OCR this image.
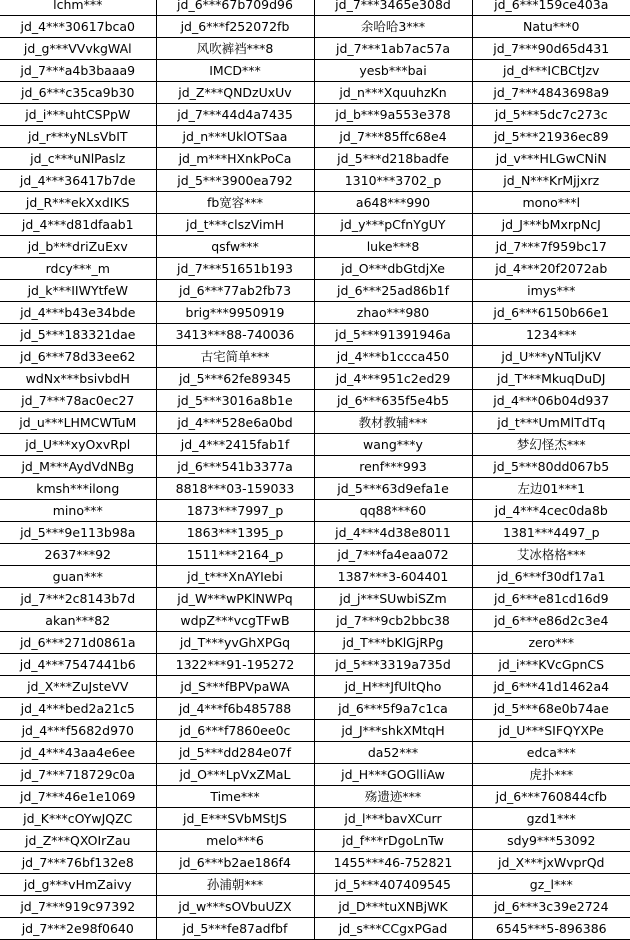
lchm***	jd_6***67b709d96	jd_7***3465e308d	jd_6***159ce403a
jd_4***30617bca0	jd_6***f252072fb	余哈哈3***	Natu***0
jd_g***VVvkgWAl	风吹裤裆***8	jd_7***1ab7ac57a	jd_7***90d65d431
jd_7***a4b3baaa9	IMCD***	yesb***bai	jd_d***ICBCtJzv
jd_6***c35ca9b30	jd_Z***QNDzUxUv	jd_n***XquuhzKn	jd_7***4843698a9
jd_i***uhtCSPpW	jd_7***44d4a7435	jd_b***9a553e378	jd_5***5dc7c273c
jd_r***yNLsVbIT	jd_n***UklOTSaa	jd_7***85ffc68e4	jd_5***21936ec89
jd_c***uNlPaslz	jd_m***HXnkPoCa	jd_5***d218badfe	jd_v***HLGwCNiN
jd_4***36417b7de	jd_5***3900ea792	1310***3702_p	jd_N***KrMjjxrz
jd_R***ekXxdIKS	fb宽容***	a648***990	mono***l
jd_4***d81dfaab1	jd_t***clszVimH	jd_y***pCfnYgUY	jd_J***bMxrpNcJ
jd_b***driZuExv	qsfw***	luke***8	jd_7***7f959bc17
rdcy***_m	jd_7***51651b193	jd_O***dbGtdjXe	jd_4***20f2072ab
jd_k***IIWYtfeW	jd_6***77ab2fb73	jd_6***25ad86b1f	imys***
jd_4***b43e34bde	brig***9950919	zhao***980	jd_6***6150b66e1
jd_5***183321dae	3413***88-740036	jd_5***91391946a	1234***
jd_6***78d33ee62	古宅简单***	jd_4***b1ccca450	jd_U***yNTuljKV
wdNx***bsivbdH	jd_5***62fe89345	jd_4***951c2ed29	jd_T***MkuqDuDJ
jd_7***78ac0ec27	jd_5***3016a8b1e	jd_6***635f5e4b5	jd_4***06b04d937
jd_u***LHMCWTuM	jd_4***528e6a0bd	教材教辅***	jd_t***UmMlTdTq
jd_U***xyOxvRpl	jd_4***2415fab1f	wang***y	梦幻怪杰***
jd_M***AydVdNBg	jd_6***541b3377a	renf***993	jd_5***80dd067b5
kmsh***ilong	8818***03-159033	jd_5***63d9efa1e	左边01***1
mino***	1873***7997_p	qq88***60	jd_4***4cec0da8b
jd_5***9e113b98a	1863***1395_p	jd_4***4d38e8011	1381***4497_p
2637***92	1511***2164_p	jd_7***fa4eaa072	艾冰格格***
guan***	jd_t***XnAYIebi	1387***3-604401	jd_6***f30df17a1
jd_7***2c8143b7d	jd_W***wPKlNWPq	jd_j***SUwbiSZm	jd_6***e81cd16d9
akan***82	wdpZ***vcgTFwB	jd_7***9cb2bbc38	jd_6***e86d2c3e4
jd_6***271d0861a	jd_T***yvGhXPGq	jd_T***bKlGjRPg	zero***
jd_4***7547441b6	1322***91-195272	jd_5***3319a735d	jd_i***KVcGpnCS
jd_X***ZuJsteVV	jd_S***fBPVpaWA	jd_H***JfUltQho	jd_6***41d1462a4
jd_4***bed2a21c5	jd_4***f6b485788	jd_6***5f9a7c1ca	jd_5***68e0b74ae
jd_4***f5682d970	jd_6***f7860ee0c	jd_J***shkXMtqH	jd_U***SIFQYXPe
jd_4***43aa4e6ee	jd_5***dd284e07f	da52***	edca***
jd_7***718729c0a	jd_O***LpVxZMaL	jd_H***GOGlliAw	虎扑***
jd_7***46e1e1069	Time***	殇遗迹***	jd_6***760844cfb
jd_K***cOYwJQZC	jd_E***SVbMStJS	jd_l***bavXCurr	gzd1***
jd_Z***QXOIrZau	melo***6	jd_f***rDgoLnTw	sdy9***53092
jd_7***76bf132e8	jd_6***b2ae186f4	1455***46-752821	jd_X***jxWvprQd
jd_g***vHmZaivy	孙浦朝***	jd_5***407409545	gz_l***
jd_7***919c97392	jd_w***sOVbuUZX	jd_D***tuXNBjWK	jd_6***3c39e2724
jd_7***2e98f0640	jd_5***fe87adfbf	jd_s***CCgxPGad	6545***5-896386
